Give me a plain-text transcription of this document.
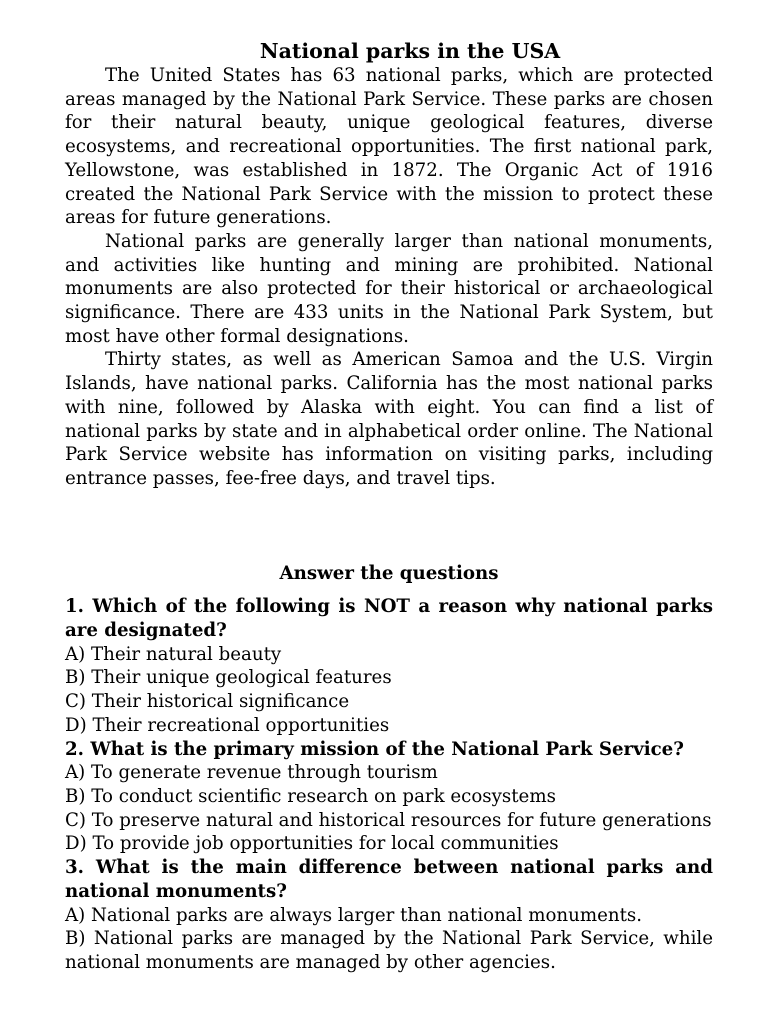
National parks in the USA

The United States has 63 national parks, which are protected areas managed by the National Park Service. These parks are chosen for their natural beauty, unique geological features, diverse ecosystems, and recreational opportunities. The first national park, Yellowstone, was established in 1872. The Organic Act of 1916 created the National Park Service with the mission to protect these areas for future generations.

National parks are generally larger than national monuments, and activities like hunting and mining are prohibited. National monuments are also protected for their historical or archaeological significance. There are 433 units in the National Park System, but most have other formal designations.

Thirty states, as well as American Samoa and the U.S. Virgin Islands, have national parks. California has the most national parks with nine, followed by Alaska with eight. You can find a list of national parks by state and in alphabetical order online. The National Park Service website has information on visiting parks, including entrance passes, fee-free days, and travel tips.

Answer the questions

1. Which of the following is NOT a reason why national parks are designated?

A) Their natural beauty

B) Their unique geological features

C) Their historical significance

D) Their recreational opportunities

2. What is the primary mission of the National Park Service?

A) To generate revenue through tourism

B) To conduct scientific research on park ecosystems

C) To preserve natural and historical resources for future generations

D) To provide job opportunities for local communities

3. What is the main difference between national parks and national monuments?

A) National parks are always larger than national monuments.

B) National parks are managed by the National Park Service, while national monuments are managed by other agencies.
